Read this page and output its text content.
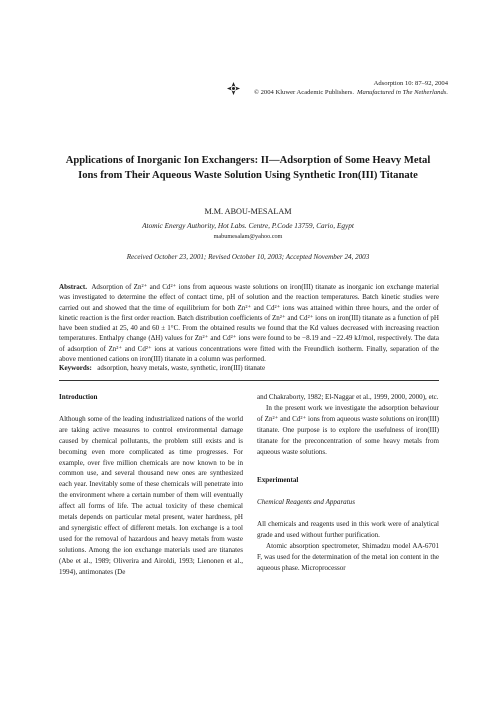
Adsorption 10: 87–92, 2004
© 2004 Kluwer Academic Publishers. Manufactured in The Netherlands.
Applications of Inorganic Ion Exchangers: II—Adsorption of Some Heavy Metal Ions from Their Aqueous Waste Solution Using Synthetic Iron(III) Titanate
M.M. ABOU-MESALAM
Atomic Energy Authority, Hot Labs. Centre, P.Code 13759, Cario, Egypt
mabumesalam@yahoo.com
Received October 23, 2001; Revised October 10, 2003; Accepted November 24, 2003
Abstract. Adsorption of Zn²⁺ and Cd²⁺ ions from aqueous waste solutions on iron(III) titanate as inorganic ion exchange material was investigated to determine the effect of contact time, pH of solution and the reaction temperatures. Batch kinetic studies were carried out and showed that the time of equilibrium for both Zn²⁺ and Cd²⁺ ions was attained within three hours, and the order of kinetic reaction is the first order reaction. Batch distribution coefficients of Zn²⁺ and Cd²⁺ ions on iron(III) titanate as a function of pH have been studied at 25, 40 and 60 ± 1°C. From the obtained results we found that the Kd values decreased with increasing reaction temperatures. Enthalpy change (ΔH) values for Zn²⁺ and Cd²⁺ ions were found to be −8.19 and −22.49 kJ/mol, respectively. The data of adsorption of Zn²⁺ and Cd²⁺ ions at various concentrations were fitted with the Freundlich isotherm. Finally, separation of the above mentioned cations on iron(III) titanate in a column was performed.
Keywords: adsorption, heavy metals, waste, synthetic, iron(III) titanate
Introduction

Although some of the leading industrialized nations of the world are taking active measures to control environmental damage caused by chemical pollutants, the problem still exists and is becoming even more complicated as time progresses. For example, over five million chemicals are now known to be in common use, and several thousand new ones are synthesized each year. Inevitably some of these chemicals will penetrate into the environment where a certain number of them will eventually affect all forms of life. The actual toxicity of these chemical metals depends on particular metal present, water hardness, pH and synergistic effect of different metals. Ion exchange is a tool used for the removal of hazardous and heavy metals from waste solutions. Among the ion exchange materials used are titanates (Abe et al., 1989; Oliverira and Airoldi, 1993; Lienonen et al., 1994), antimonates (De

and Chakraborty, 1982; El-Naggar et al., 1999, 2000, 2000), etc.

In the present work we investigate the adsorption behaviour of Zn²⁺ and Cd²⁺ ions from aqueous waste solutions on iron(III) titanate. One purpose is to explore the usefulness of iron(III) titanate for the preconcentration of some heavy metals from aqueous waste solutions.

Experimental
Chemical Reagents and Apparatus

All chemicals and reagents used in this work were of analytical grade and used without further purification.

Atomic absorption spectrometer, Shimadzu model AA-6701 F, was used for the determination of the metal ion content in the aqueous phase. Microprocessor
